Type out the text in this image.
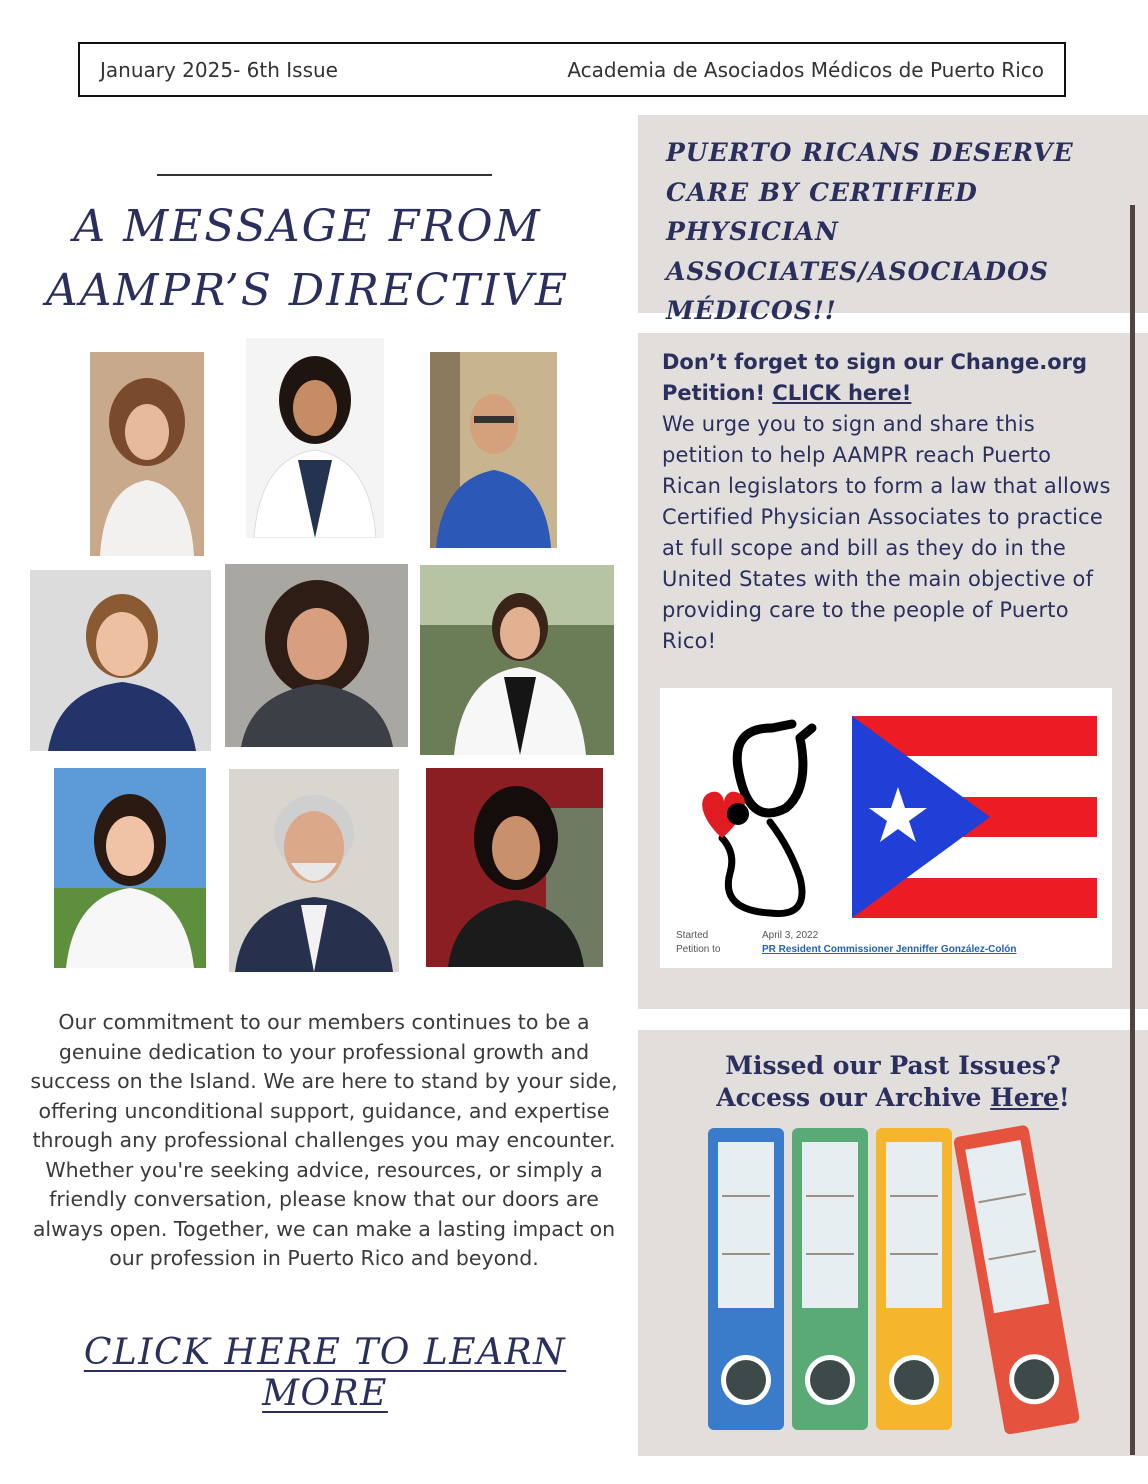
January 2025- 6th Issue	Academia de Asociados Médicos de Puerto Rico
A MESSAGE FROM
AAMPR’S DIRECTIVE
Our commitment to our members continues to be a genuine dedication to your professional growth and success on the Island. We are here to stand by your side, offering unconditional support, guidance, and expertise through any professional challenges you may encounter. Whether you're seeking advice, resources, or simply a friendly conversation, please know that our doors are always open. Together, we can make a lasting impact on our profession in Puerto Rico and beyond.
CLICK HERE TO LEARN MORE
PUERTO RICANS DESERVE CARE BY CERTIFIED PHYSICIAN ASSOCIATES/ASOCIADOS MÉDICOS!!
Don’t forget to sign our Change.org Petition! CLICK here!
We urge you to sign and share this petition to help AAMPR reach Puerto Rican legislators to form a law that allows Certified Physician Associates to practice at full scope and bill as they do in the United States with the main objective of providing care to the people of Puerto Rico!
Started	April 3, 2022
Petition to	PR Resident Commissioner Jenniffer González-Colón
Missed our Past Issues?
Access our Archive Here!
